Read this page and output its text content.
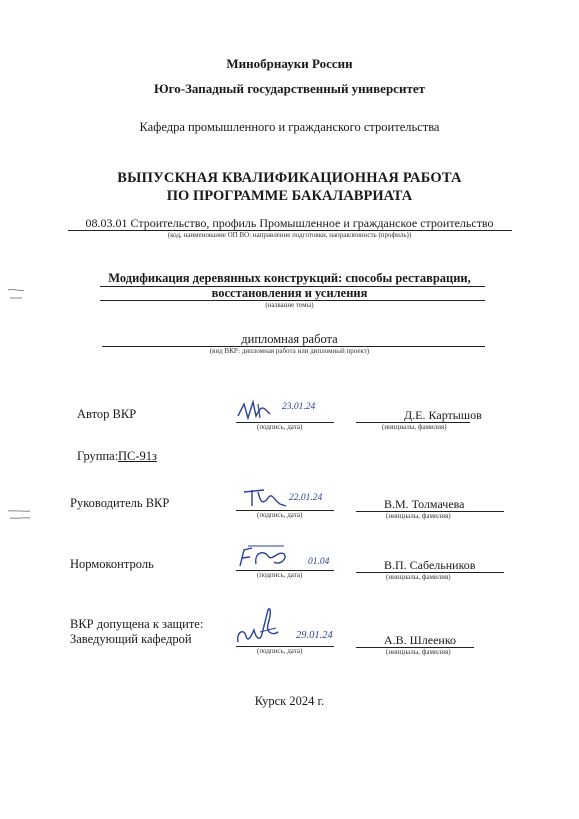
Минобрнауки России
Юго-Западный государственный университет
Кафедра промышленного и гражданского строительства
ВЫПУСКНАЯ КВАЛИФИКАЦИОННАЯ РАБОТА
ПО ПРОГРАММЕ БАКАЛАВРИАТА
08.03.01 Строительство, профиль Промышленное и гражданское строительство
(код, наименование ОП ВО: направление подготовки, направленность (профиль))
Модификация деревянных конструкций: способы реставрации,
восстановления и усиления
(название темы)
дипломная работа
(вид ВКР: дипломная работа или дипломный проект)
Автор ВКР
(подпись, дата)
Д.Е. Картышов
(инициалы, фамилия)
23.01.24
Группа: ПС-91з
Руководитель ВКР
(подпись, дата)
В.М. Толмачева
(инициалы, фамилия)
22.01.24
Нормоконтроль
(подпись, дата)
В.П. Сабельников
(инициалы, фамилия)
01.04
ВКР допущена к защите:
Заведующий кафедрой
(подпись, дата)
А.В. Шлеенко
(инициалы, фамилия)
29.01.24
Курск 2024 г.
